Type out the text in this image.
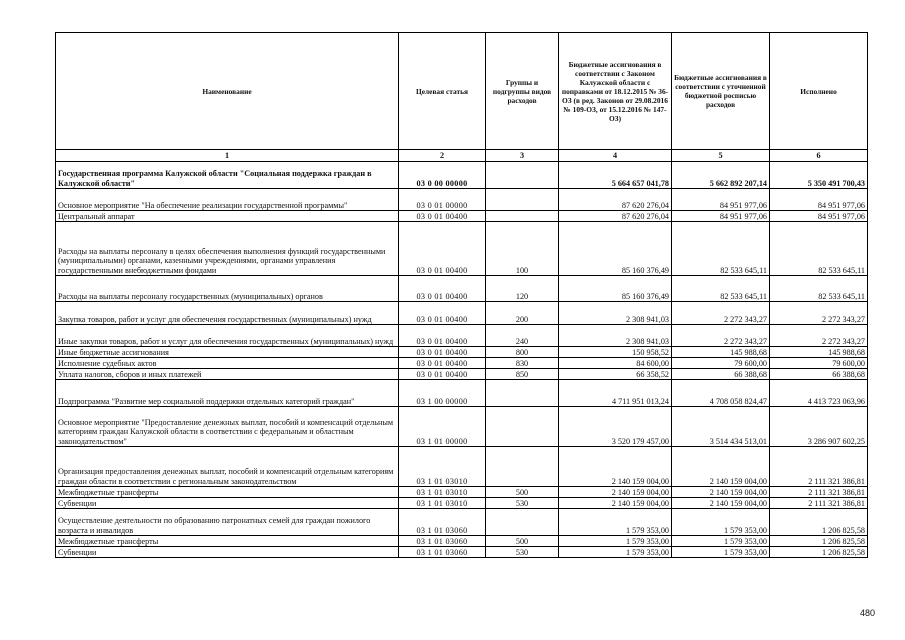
Наименование	Целевая статья	Группы и подгруппы видов расходов	Бюджетные ассигнования в соответствии с Законом Калужской области с поправками от 18.12.2015 № 36-ОЗ (в ред. Законов от 29.08.2016 № 109-ОЗ, от 15.12.2016 № 147-ОЗ)	Бюджетные ассигнования в соответствии с уточненной бюджетной росписью расходов	Исполнено
1	2	3	4	5	6
Государственная программа Калужской области "Социальная поддержка граждан в Калужской области"	03 0 00 00000		5 664 657 041,78	5 662 892 207,14	5 350 491 700,43
Основное мероприятие "На обеспечение реализации государственной программы"	03 0 01 00000		87 620 276,04	84 951 977,06	84 951 977,06
Центральный аппарат	03 0 01 00400		87 620 276,04	84 951 977,06	84 951 977,06
Расходы на выплаты персоналу в целях обеспечения выполнения функций государственными (муниципальными) органами, казенными учреждениями, органами управления государственными внебюджетными фондами	03 0 01 00400	100	85 160 376,49	82 533 645,11	82 533 645,11
Расходы на выплаты персоналу государственных (муниципальных) органов	03 0 01 00400	120	85 160 376,49	82 533 645,11	82 533 645,11
Закупка товаров, работ и услуг для обеспечения государственных (муниципальных) нужд	03 0 01 00400	200	2 308 941,03	2 272 343,27	2 272 343,27
Иные закупки товаров, работ и услуг для обеспечения государственных (муниципальных) нужд	03 0 01 00400	240	2 308 941,03	2 272 343,27	2 272 343,27
Иные бюджетные ассигнования	03 0 01 00400	800	150 958,52	145 988,68	145 988,68
Исполнение судебных актов	03 0 01 00400	830	84 600,00	79 600,00	79 600,00
Уплата налогов, сборов и иных платежей	03 0 01 00400	850	66 358,52	66 388,68	66 388,68
Подпрограмма "Развитие мер социальной поддержки отдельных категорий граждан"	03 1 00 00000		4 711 951 013,24	4 708 058 824,47	4 413 723 063,96
Основное мероприятие "Предоставление денежных выплат, пособий и компенсаций отдельным категориям граждан Калужской области в соответствии с федеральным и областным законодательством"	03 1 01 00000		3 520 179 457,00	3 514 434 513,01	3 286 907 602,25
Организация предоставления денежных выплат, пособий и компенсаций отдельным категориям граждан области в соответствии с региональным законодательством	03 1 01 03010		2 140 159 004,00	2 140 159 004,00	2 111 321 386,81
Межбюджетные трансферты	03 1 01 03010	500	2 140 159 004,00	2 140 159 004,00	2 111 321 386,81
Субвенции	03 1 01 03010	530	2 140 159 004,00	2 140 159 004,00	2 111 321 386,81
Осуществление деятельности по образованию патронатных семей для граждан пожилого возраста и инвалидов	03 1 01 03060		1 579 353,00	1 579 353,00	1 206 825,58
Межбюджетные трансферты	03 1 01 03060	500	1 579 353,00	1 579 353,00	1 206 825,58
Субвенции	03 1 01 03060	530	1 579 353,00	1 579 353,00	1 206 825,58
480
